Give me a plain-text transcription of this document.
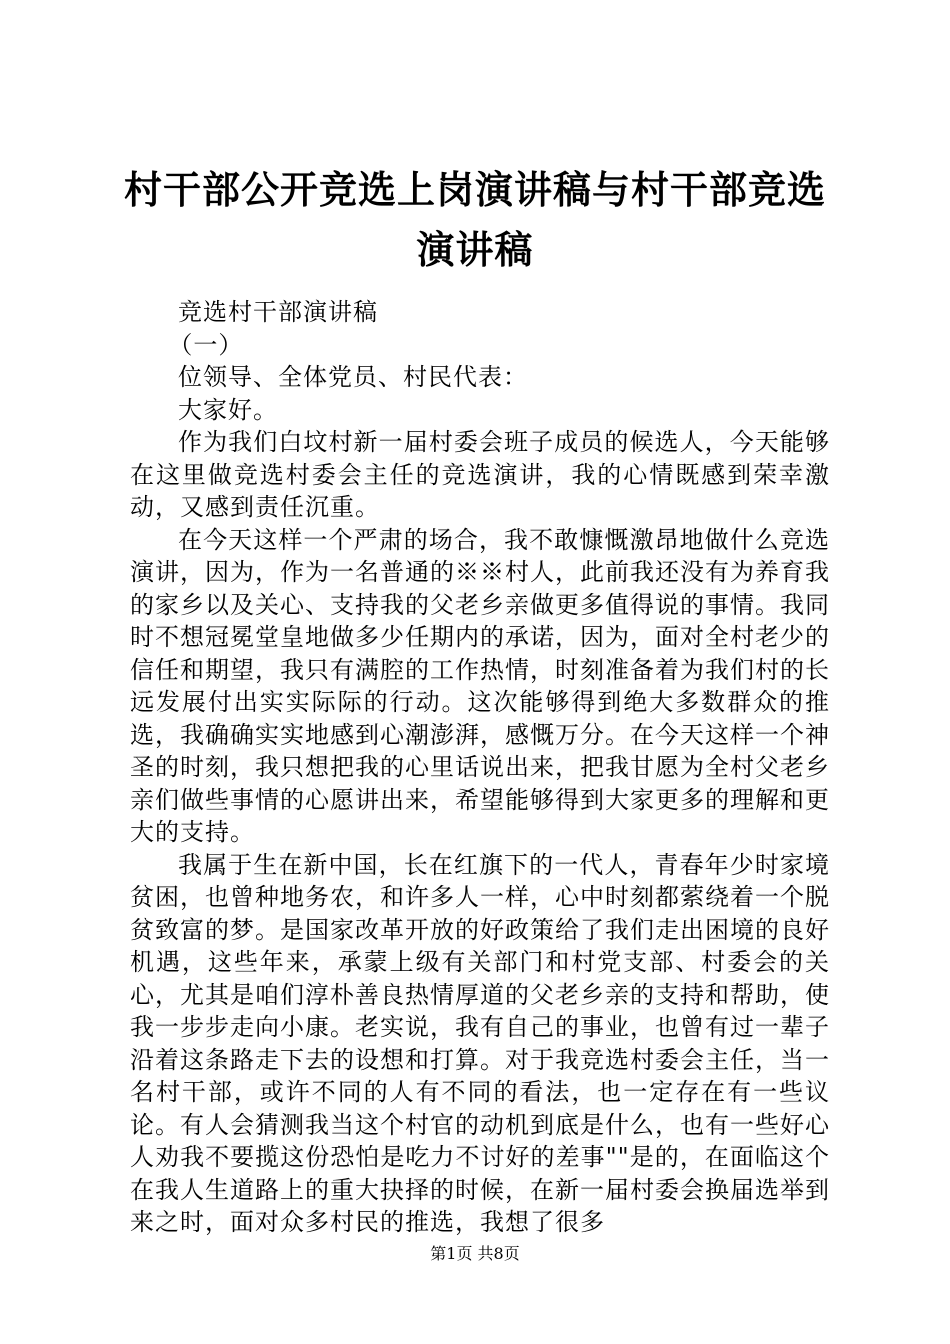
村干部公开竞选上岗演讲稿与村干部竞选演讲稿

竞选村干部演讲稿

（一）

位领导、全体党员、村民代表：

大家好。

作为我们白坟村新一届村委会班子成员的候选人，今天能够在这里做竞选村委会主任的竞选演讲，我的心情既感到荣幸激动，又感到责任沉重。

在今天这样一个严肃的场合，我不敢慷慨激昂地做什么竞选演讲，因为，作为一名普通的※※村人，此前我还没有为养育我的家乡以及关心、支持我的父老乡亲做更多值得说的事情。我同时不想冠冕堂皇地做多少任期内的承诺，因为，面对全村老少的信任和期望，我只有满腔的工作热情，时刻准备着为我们村的长远发展付出实实际际的行动。这次能够得到绝大多数群众的推选，我确确实实地感到心潮澎湃，感慨万分。在今天这样一个神圣的时刻，我只想把我的心里话说出来，把我甘愿为全村父老乡亲们做些事情的心愿讲出来，希望能够得到大家更多的理解和更大的支持。

我属于生在新中国，长在红旗下的一代人，青春年少时家境贫困，也曾种地务农，和许多人一样，心中时刻都萦绕着一个脱贫致富的梦。是国家改革开放的好政策给了我们走出困境的良好机遇，这些年来，承蒙上级有关部门和村党支部、村委会的关心，尤其是咱们淳朴善良热情厚道的父老乡亲的支持和帮助，使我一步步走向小康。老实说，我有自己的事业，也曾有过一辈子沿着这条路走下去的设想和打算。对于我竞选村委会主任，当一名村干部，或许不同的人有不同的看法，也一定存在有一些议论。有人会猜测我当这个村官的动机到底是什么，也有一些好心人劝我不要揽这份恐怕是吃力不讨好的差事""是的，在面临这个在我人生道路上的重大抉择的时候，在新一届村委会换届选举到来之时，面对众多村民的推选，我想了很多

第1页 共8页
